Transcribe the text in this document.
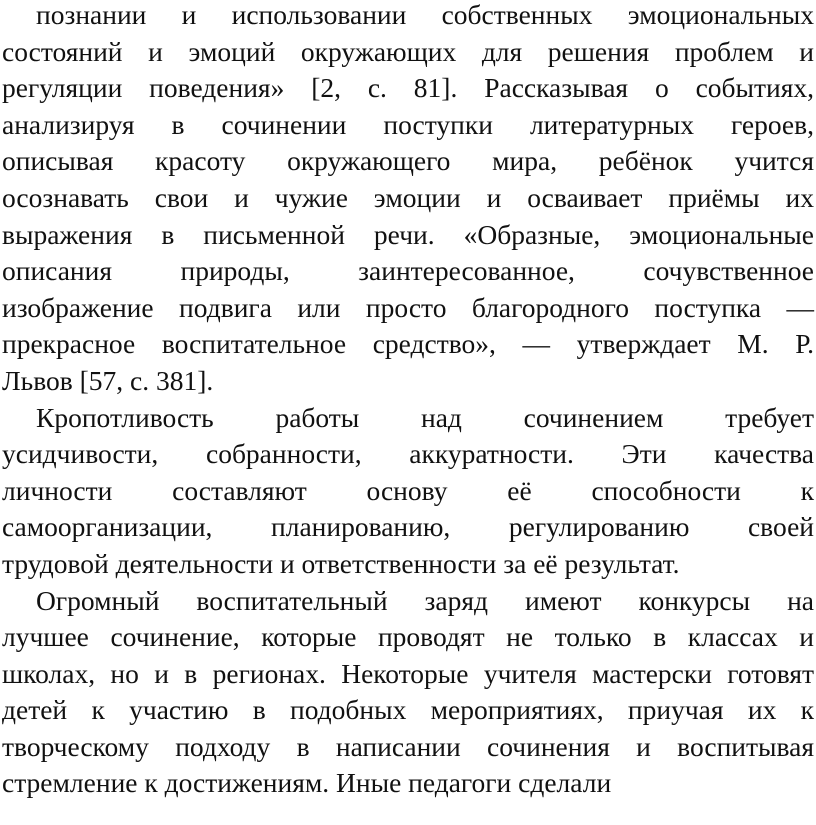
познании и использовании собственных эмоциональных
состояний и эмоций окружающих для решения проблем и
регуляции поведения» [2, с. 81]. Рассказывая о событиях,
анализируя в сочинении поступки литературных героев,
описывая красоту окружающего мира, ребёнок учится
осознавать свои и чужие эмоции и осваивает приёмы их
выражения в письменной речи. «Образные, эмоциональные
описания природы, заинтересованное, сочувственное
изображение подвига или просто благородного поступка —
прекрасное воспитательное средство», — утверждает М. Р.
Львов [57, с. 381].
Кропотливость работы над сочинением требует
усидчивости, собранности, аккуратности. Эти качества
личности составляют основу её способности к
самоорганизации, планированию, регулированию своей
трудовой деятельности и ответственности за её результат.
Огромный воспитательный заряд имеют конкурсы на
лучшее сочинение, которые проводят не только в классах и
школах, но и в регионах. Некоторые учителя мастерски готовят
детей к участию в подобных мероприятиях, приучая их к
творческому подходу в написании сочинения и воспитывая
стремление к достижениям. Иные педагоги сделали
